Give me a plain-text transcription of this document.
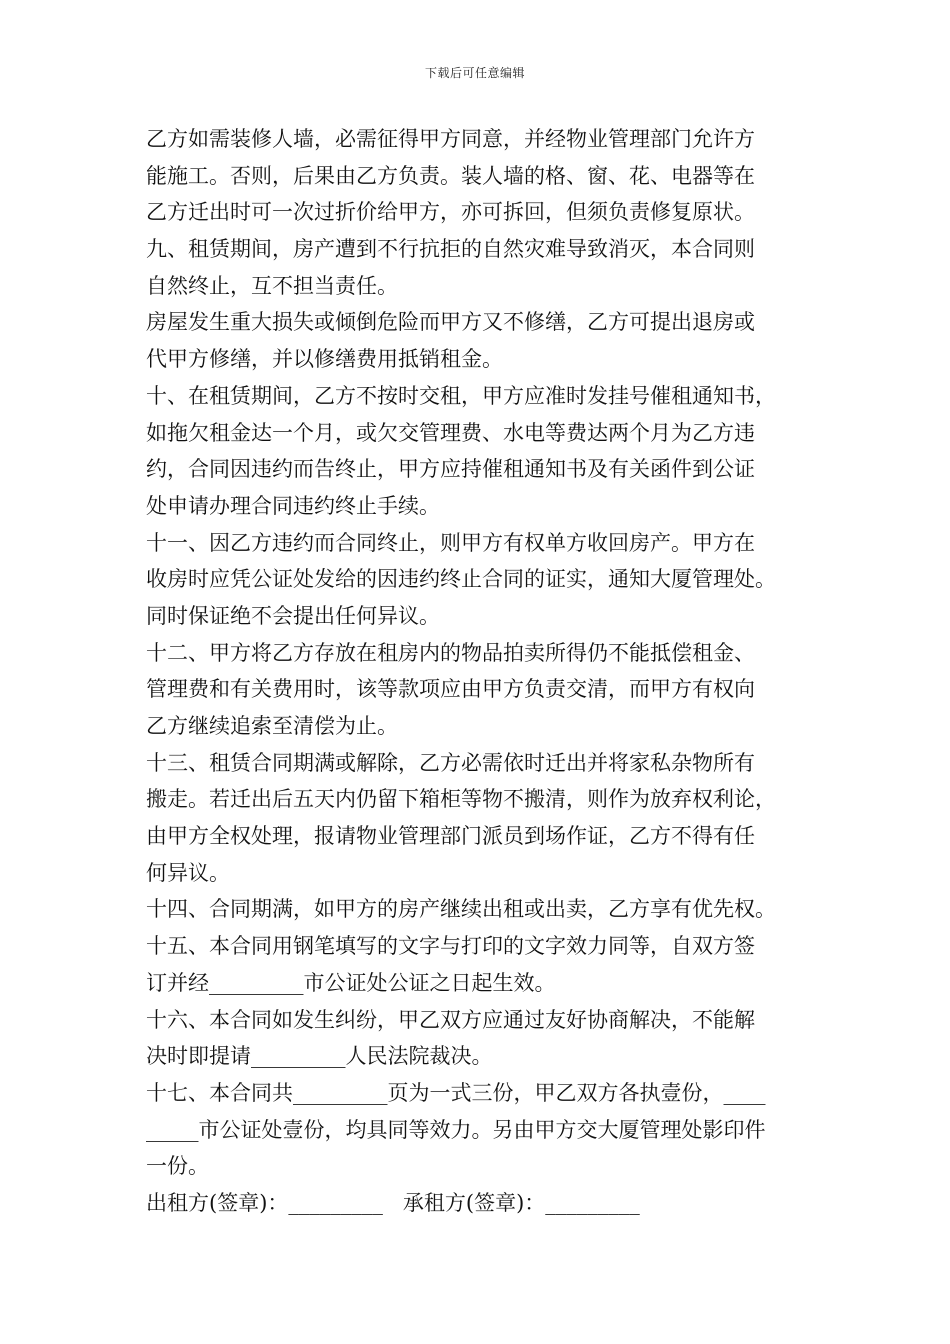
下载后可任意编辑
乙方如需装修人墙，必需征得甲方同意，并经物业管理部门允许方
能施工。否则，后果由乙方负责。装人墙的格、窗、花、电器等在
乙方迁出时可一次过折价给甲方，亦可拆回，但须负责修复原状。
九、租赁期间，房产遭到不行抗拒的自然灾难导致消灭，本合同则
自然终止，互不担当责任。
房屋发生重大损失或倾倒危险而甲方又不修缮，乙方可提出退房或
代甲方修缮，并以修缮费用抵销租金。
十、在租赁期间，乙方不按时交租，甲方应准时发挂号催租通知书，
如拖欠租金达一个月，或欠交管理费、水电等费达两个月为乙方违
约，合同因违约而告终止，甲方应持催租通知书及有关函件到公证
处申请办理合同违约终止手续。
十一、因乙方违约而合同终止，则甲方有权单方收回房产。甲方在
收房时应凭公证处发给的因违约终止合同的证实，通知大厦管理处。
同时保证绝不会提出任何异议。
十二、甲方将乙方存放在租房内的物品拍卖所得仍不能抵偿租金、
管理费和有关费用时，该等款项应由甲方负责交清，而甲方有权向
乙方继续追索至清偿为止。
十三、租赁合同期满或解除，乙方必需依时迁出并将家私杂物所有
搬走。若迁出后五天内仍留下箱柜等物不搬清，则作为放弃权利论，
由甲方全权处理，报请物业管理部门派员到场作证，乙方不得有任
何异议。
十四、合同期满，如甲方的房产继续出租或出卖，乙方享有优先权。
十五、本合同用钢笔填写的文字与打印的文字效力同等，自双方签
订并经_________市公证处公证之日起生效。
十六、本合同如发生纠纷，甲乙双方应通过友好协商解决，不能解
决时即提请_________人民法院裁决。
十七、本合同共_________页为一式三份，甲乙双方各执壹份，____
_____市公证处壹份，均具同等效力。另由甲方交大厦管理处影印件
一份。
出租方(签章)：_________ 承租方(签章)：_________
